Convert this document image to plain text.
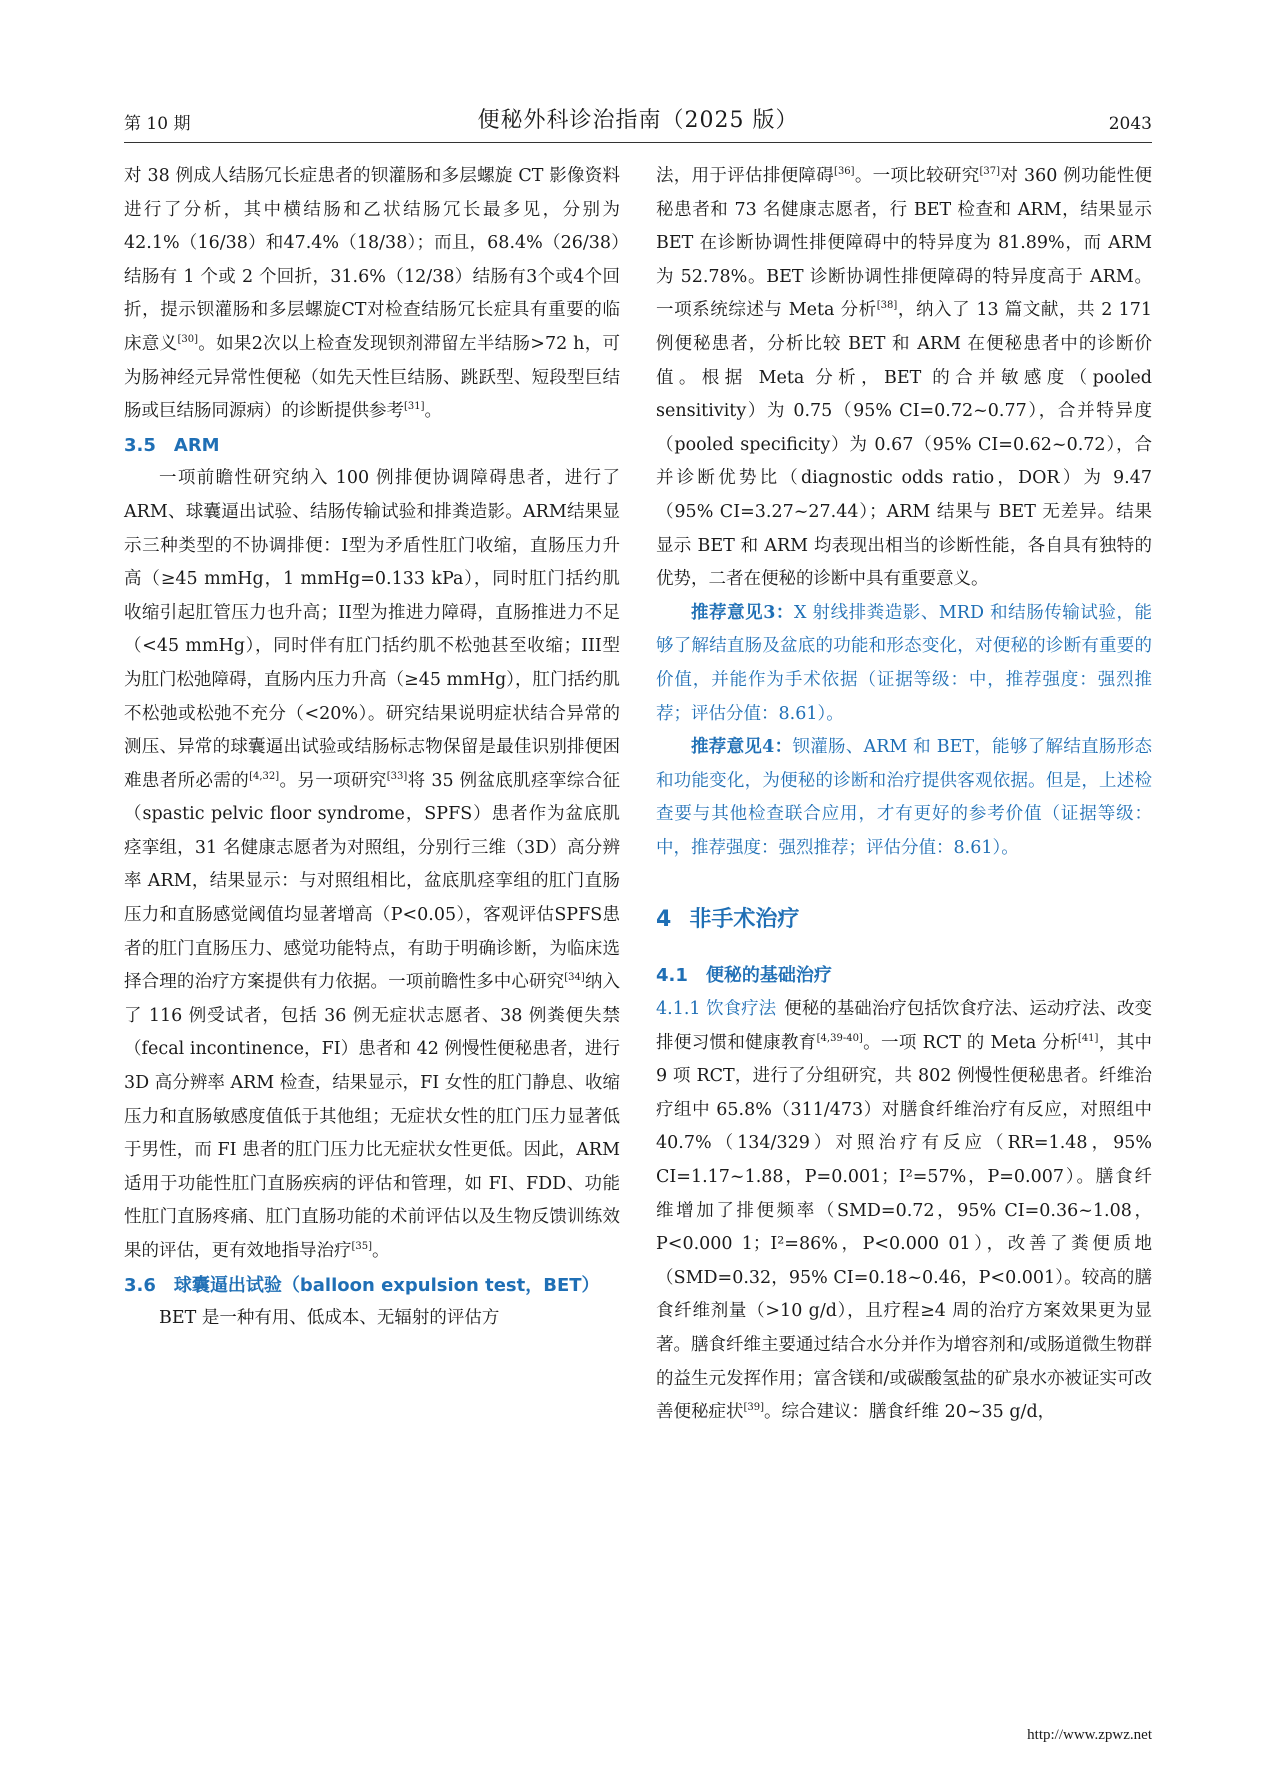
第 10 期	便秘外科诊治指南（2025 版）	2043

对 38 例成人结肠冗长症患者的钡灌肠和多层螺旋 CT 影像资料进行了分析，其中横结肠和乙状结肠冗长最多见，分别为42.1%（16/38）和47.4%（18/38）；而且，68.4%（26/38）结肠有 1 个或 2 个回折，31.6%（12/38）结肠有3个或4个回折，提示钡灌肠和多层螺旋CT对检查结肠冗长症具有重要的临床意义[30]。如果2次以上检查发现钡剂滞留左半结肠>72 h，可为肠神经元异常性便秘（如先天性巨结肠、跳跃型、短段型巨结肠或巨结肠同源病）的诊断提供参考[31]。

3.5 ARM

一项前瞻性研究纳入 100 例排便协调障碍患者，进行了 ARM、球囊逼出试验、结肠传输试验和排粪造影。ARM结果显示三种类型的不协调排便：I型为矛盾性肛门收缩，直肠压力升高（≥45 mmHg，1 mmHg=0.133 kPa），同时肛门括约肌收缩引起肛管压力也升高；II型为推进力障碍，直肠推进力不足（<45 mmHg），同时伴有肛门括约肌不松弛甚至收缩；III型为肛门松弛障碍，直肠内压力升高（≥45 mmHg），肛门括约肌不松弛或松弛不充分（<20%）。研究结果说明症状结合异常的测压、异常的球囊逼出试验或结肠标志物保留是最佳识别排便困难患者所必需的[4,32]。另一项研究[33]将 35 例盆底肌痉挛综合征（spastic pelvic floor syndrome，SPFS）患者作为盆底肌痉挛组，31 名健康志愿者为对照组，分别行三维（3D）高分辨率 ARM，结果显示：与对照组相比，盆底肌痉挛组的肛门直肠压力和直肠感觉阈值均显著增高（P<0.05），客观评估SPFS患者的肛门直肠压力、感觉功能特点，有助于明确诊断，为临床选择合理的治疗方案提供有力依据。一项前瞻性多中心研究[34]纳入了 116 例受试者，包括 36 例无症状志愿者、38 例粪便失禁（fecal incontinence，FI）患者和 42 例慢性便秘患者，进行 3D 高分辨率 ARM 检查，结果显示，FI 女性的肛门静息、收缩压力和直肠敏感度值低于其他组；无症状女性的肛门压力显著低于男性，而 FI 患者的肛门压力比无症状女性更低。因此，ARM 适用于功能性肛门直肠疾病的评估和管理，如 FI、FDD、功能性肛门直肠疼痛、肛门直肠功能的术前评估以及生物反馈训练效果的评估，更有效地指导治疗[35]。

3.6 球囊逼出试验（balloon expulsion test，BET）

BET 是一种有用、低成本、无辐射的评估方

法，用于评估排便障碍[36]。一项比较研究[37]对 360 例功能性便秘患者和 73 名健康志愿者，行 BET 检查和 ARM，结果显示 BET 在诊断协调性排便障碍中的特异度为 81.89%，而 ARM 为 52.78%。BET 诊断协调性排便障碍的特异度高于 ARM。一项系统综述与 Meta 分析[38]，纳入了 13 篇文献，共 2 171 例便秘患者，分析比较 BET 和 ARM 在便秘患者中的诊断价值。根据 Meta 分析，BET 的合并敏感度（pooled sensitivity）为 0.75（95% CI=0.72~0.77），合并特异度（pooled specificity）为 0.67（95% CI=0.62~0.72），合并诊断优势比（diagnostic odds ratio，DOR）为 9.47（95% CI=3.27~27.44）；ARM 结果与 BET 无差异。结果显示 BET 和 ARM 均表现出相当的诊断性能，各自具有独特的优势，二者在便秘的诊断中具有重要意义。

推荐意见3：X 射线排粪造影、MRD 和结肠传输试验，能够了解结直肠及盆底的功能和形态变化，对便秘的诊断有重要的价值，并能作为手术依据（证据等级：中，推荐强度：强烈推荐；评估分值：8.61）。

推荐意见4：钡灌肠、ARM 和 BET，能够了解结直肠形态和功能变化，为便秘的诊断和治疗提供客观依据。但是，上述检查要与其他检查联合应用，才有更好的参考价值（证据等级：中，推荐强度：强烈推荐；评估分值：8.61）。

4 非手术治疗
4.1 便秘的基础治疗

4.1.1 饮食疗法 便秘的基础治疗包括饮食疗法、运动疗法、改变排便习惯和健康教育[4,39-40]。一项 RCT 的 Meta 分析[41]，其中 9 项 RCT，进行了分组研究，共 802 例慢性便秘患者。纤维治疗组中 65.8%（311/473）对膳食纤维治疗有反应，对照组中 40.7%（134/329）对照治疗有反应（RR=1.48，95% CI=1.17~1.88，P=0.001；I²=57%，P=0.007）。膳食纤维增加了排便频率（SMD=0.72，95% CI=0.36~1.08，P<0.000 1；I²=86%，P<0.000 01），改善了粪便质地（SMD=0.32，95% CI=0.18~0.46，P<0.001）。较高的膳食纤维剂量（>10 g/d），且疗程≥4 周的治疗方案效果更为显著。膳食纤维主要通过结合水分并作为增容剂和/或肠道微生物群的益生元发挥作用；富含镁和/或碳酸氢盐的矿泉水亦被证实可改善便秘症状[39]。综合建议：膳食纤维 20~35 g/d，

http://www.zpwz.net
